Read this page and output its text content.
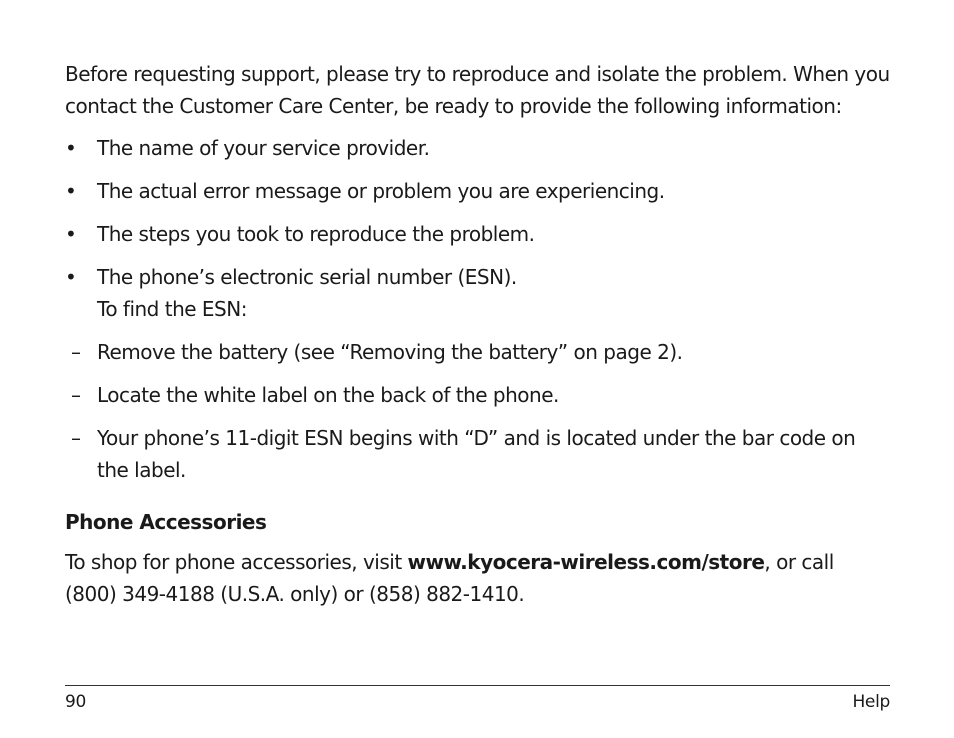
Before requesting support, please try to reproduce and isolate the problem. When you contact the Customer Care Center, be ready to provide the following information:

• The name of your service provider.
• The actual error message or problem you are experiencing.
• The steps you took to reproduce the problem.
• The phone’s electronic serial number (ESN).
To find the ESN:
– Remove the battery (see “Removing the battery” on page 2).
– Locate the white label on the back of the phone.
– Your phone’s 11-digit ESN begins with “D” and is located under the bar code on the label.
Phone Accessories

To shop for phone accessories, visit www.kyocera-wireless.com/store, or call (800) 349-4188 (U.S.A. only) or (858) 882-1410.

90	Help
